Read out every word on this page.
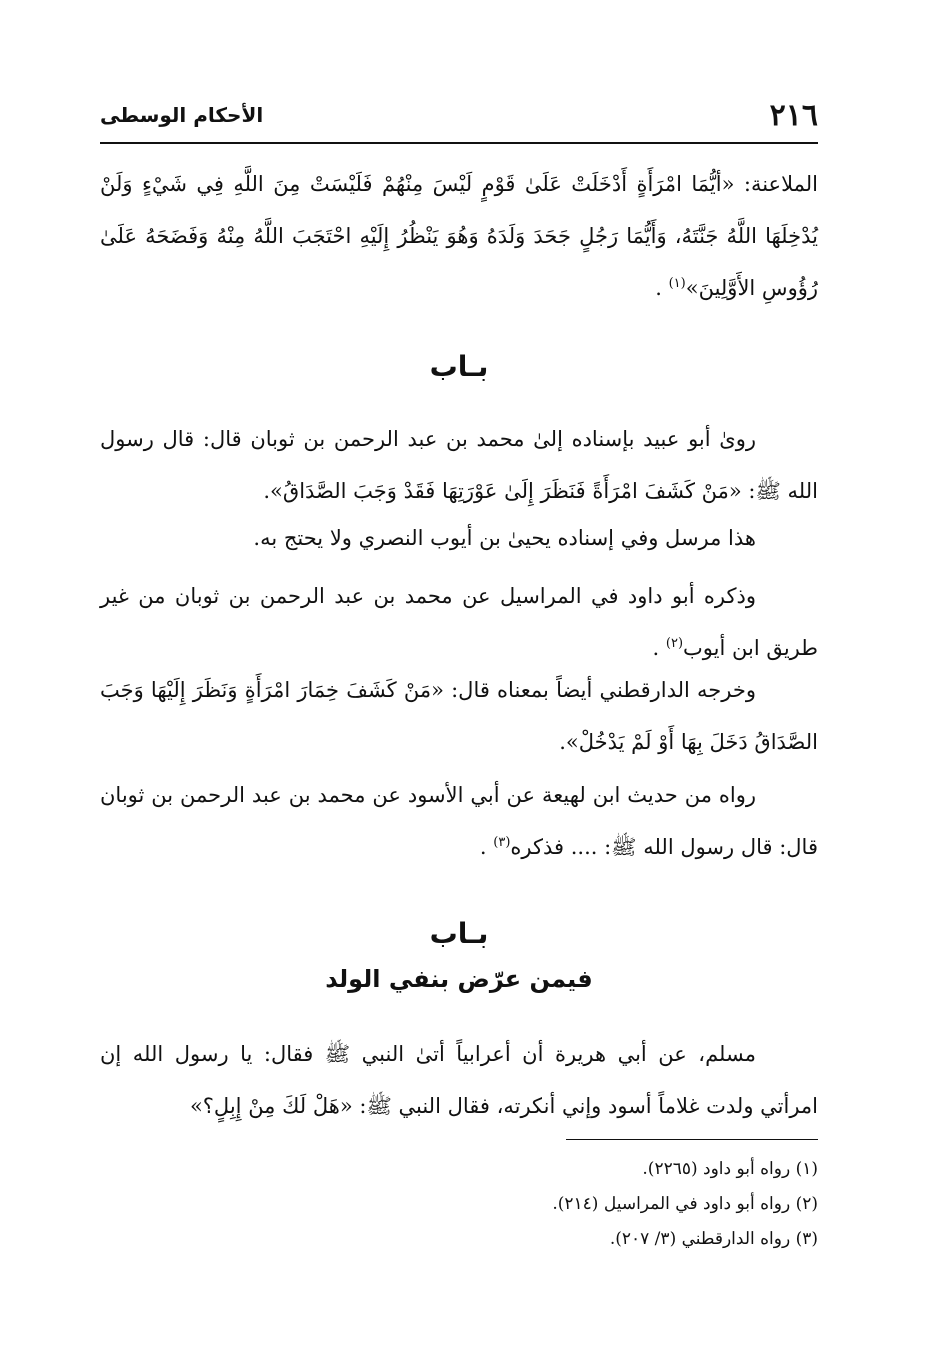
٢١٦
الأحكام الوسطى

الملاعنة: «أيُّمَا امْرَأَةٍ أَدْخَلَتْ عَلَىٰ قَوْمٍ لَيْسَ مِنْهُمْ فَلَيْسَتْ مِنَ اللَّهِ فِي شَيْءٍ وَلَنْ يُدْخِلَهَا اللَّهُ جَنَّتَهُ، وَأَيُّمَا رَجُلٍ جَحَدَ وَلَدَهُ وَهُوَ يَنْظُرُ إِلَيْهِ احْتَجَبَ اللَّهُ مِنْهُ وَفَضَحَهُ عَلَىٰ رُؤُوسِ الأَوَّلِينَ»$^{(١)}$ .

بـاب

رویٰ أبو عبيد بإسناده إلىٰ محمد بن عبد الرحمن بن ثوبان قال: قال رسول الله ﷺ: «مَنْ كَشَفَ امْرَأَةً فَنَظَرَ إِلَىٰ عَوْرَتِهَا فَقَدْ وَجَبَ الصَّدَاقُ».

هذا مرسل وفي إسناده يحيىٰ بن أيوب النصري ولا يحتج به.

وذكره أبو داود في المراسيل عن محمد بن عبد الرحمن بن ثوبان من غير طريق ابن أيوب$^{(٢)}$ .

وخرجه الدارقطني أيضاً بمعناه قال: «مَنْ كَشَفَ خِمَارَ امْرَأَةٍ وَنَظَرَ إِلَيْهَا وَجَبَ الصَّدَاقُ دَخَلَ بِهَا أَوْ لَمْ يَدْخُلْ».

رواه من حديث ابن لهيعة عن أبي الأسود عن محمد بن عبد الرحمن بن ثوبان قال: قال رسول الله ﷺ: .... فذكره$^{(٣)}$ .

بـاب
فيمن عرّض بنفي الولد

مسلم، عن أبي هريرة أن أعرابياً أتىٰ النبي ﷺ فقال: يا رسول الله إن امرأتي ولدت غلاماً أسود وإني أنكرته، فقال النبي ﷺ: «هَلْ لَكَ مِنْ إِبِلٍ؟»

(١) رواه أبو داود (٢٢٦٥).
(٢) رواه أبو داود في المراسيل (٢١٤).
(٣) رواه الدارقطني (٣/ ٢٠٧).
